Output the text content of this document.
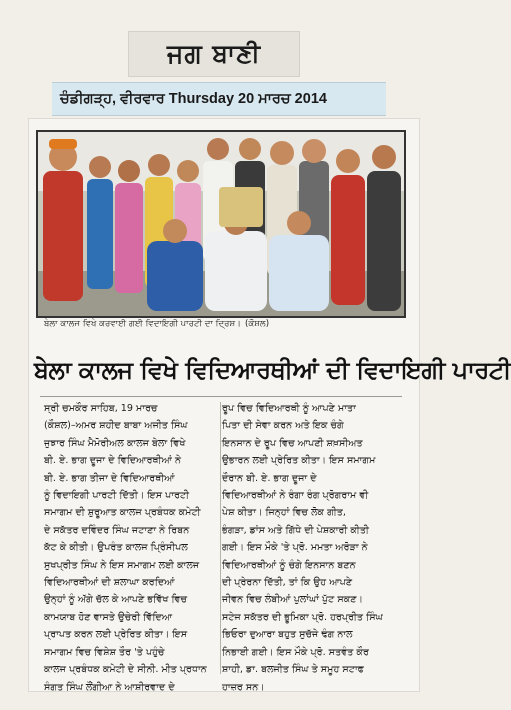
ਜਗ ਬਾਣੀ
ਚੰਡੀਗੜ੍ਹ, ਵੀਰਵਾਰ Thursday 20 ਮਾਰਚ 2014
ਬੇਲਾ ਕਾਲਜ ਵਿਖੇ ਕਰਵਾਈ ਗਈ ਵਿਦਾਇਗੀ ਪਾਰਟੀ ਦਾ ਦ੍ਰਿਸ਼। (ਕੌਸ਼ਲ)
ਬੇਲਾ ਕਾਲਜ ਵਿਖੇ ਵਿਦਿਆਰਥੀਆਂ ਦੀ ਵਿਦਾਇਗੀ ਪਾਰਟੀ
ਸ੍ਰੀ ਚਮਕੌਰ ਸਾਹਿਬ, 19 ਮਾਰਚ
(ਕੌਸ਼ਲ)–ਅਮਰ ਸ਼ਹੀਦ ਬਾਬਾ ਅਜੀਤ ਸਿੰਘ
ਜੁਝਾਰ ਸਿੰਘ ਮੈਮੋਰੀਅਲ ਕਾਲਜ ਬੇਲਾ ਵਿਖੇ
ਬੀ. ਏ. ਭਾਗ ਦੂਜਾ ਦੇ ਵਿਦਿਆਰਥੀਆਂ ਨੇ
ਬੀ. ਏ. ਭਾਗ ਤੀਜਾ ਦੇ ਵਿਦਿਆਰਥੀਆਂ
ਨੂੰ ਵਿਦਾਇਗੀ ਪਾਰਟੀ ਦਿੱਤੀ। ਇਸ ਪਾਰਟੀ
ਸਮਾਗਮ ਦੀ ਸ਼ੁਰੂਆਤ ਕਾਲਜ ਪ੍ਰਬੰਧਕ ਕਮੇਟੀ
ਦੇ ਸਕੱਤਰ ਦਵਿੰਦਰ ਸਿੰਘ ਜਟਾਣਾ ਨੇ ਰਿਬਨ
ਕੱਟ ਕੇ ਕੀਤੀ। ਉਪਰੰਤ ਕਾਲਜ ਪ੍ਰਿੰਸੀਪਲ
ਸੁਖਪ੍ਰੀਤ ਸਿੰਘ ਨੇ ਇਸ ਸਮਾਗਮ ਲਈ ਕਾਲਜ
ਵਿਦਿਆਰਥੀਆਂ ਦੀ ਸ਼ਲਾਘਾ ਕਰਦਿਆਂ
ਉਨ੍ਹਾਂ ਨੂੰ ਅੱਗੇ ਚੱਲ ਕੇ ਆਪਣੇ ਭਵਿੱਖ ਵਿਚ
ਕਾਮਯਾਬ ਹੋਣ ਵਾਸਤੇ ਉਚੇਰੀ ਵਿੱਦਿਆ
ਪ੍ਰਾਪਤ ਕਰਨ ਲਈ ਪ੍ਰੇਰਿਤ ਕੀਤਾ। ਇਸ
ਸਮਾਗਮ ਵਿਚ ਵਿਸ਼ੇਸ਼ ਤੌਰ 'ਤੇ ਪਹੁੰਚੇ
ਕਾਲਜ ਪ੍ਰਬੰਧਕ ਕਮੇਟੀ ਦੇ ਸੀਨੀ. ਮੀਤ ਪ੍ਰਧਾਨ
ਸੰਗਤ ਸਿੰਘ ਲੌਂਗੀਆ ਨੇ ਆਸ਼ੀਰਵਾਦ ਦੇ
ਰੂਪ ਵਿਚ ਵਿਦਿਆਰਥੀ ਨੂੰ ਆਪਣੇ ਮਾਤਾ
ਪਿਤਾ ਦੀ ਸੇਵਾ ਕਰਨ ਅਤੇ ਇਕ ਚੰਗੇ
ਇਨਸਾਨ ਦੇ ਰੂਪ ਵਿਚ ਆਪਣੀ ਸ਼ਖ਼ਸੀਅਤ
ਉਭਾਰਨ ਲਈ ਪ੍ਰੇਰਿਤ ਕੀਤਾ। ਇਸ ਸਮਾਗਮ
ਦੌਰਾਨ ਬੀ. ਏ. ਭਾਗ ਦੂਜਾ ਦੇ
ਵਿਦਿਆਰਥੀਆਂ ਨੇ ਰੰਗਾ ਰੰਗ ਪ੍ਰੋਗਰਾਮ ਵੀ
ਪੇਸ਼ ਕੀਤਾ। ਜਿਨ੍ਹਾਂ ਵਿਚ ਲੋਕ ਗੀਤ,
ਭੰਗੜਾ, ਡਾਂਸ ਅਤੇ ਗਿੱਧੇ ਦੀ ਪੇਸ਼ਕਾਰੀ ਕੀਤੀ
ਗਈ। ਇਸ ਮੌਕੇ 'ਤੇ ਪ੍ਰੋ. ਮਮਤਾ ਅਰੋੜਾ ਨੇ
ਵਿਦਿਆਰਥੀਆਂ ਨੂੰ ਚੰਗੇ ਇਨਸਾਨ ਬਣਨ
ਦੀ ਪ੍ਰੇਰਨਾ ਦਿੱਤੀ, ਤਾਂ ਕਿ ਉਹ ਆਪਣੇ
ਜੀਵਨ ਵਿਚ ਲੰਬੀਆਂ ਪੁਲਾਂਘਾਂ ਪੁੱਟ ਸਕਣ।
ਸਟੇਜ ਸਕੱਤਰ ਦੀ ਭੂਮਿਕਾ ਪ੍ਰੋ. ਹਰਪ੍ਰੀਤ ਸਿੰਘ
ਭਿਓਰਾ ਦੁਆਰਾ ਬਹੁਤ ਸੁਚੱਜੇ ਢੰਗ ਨਾਲ
ਨਿਭਾਈ ਗਈ। ਇਸ ਮੌਕੇ ਪ੍ਰੋ. ਸਤਵੰਤ ਕੌਰ
ਸ਼ਾਹੀ, ਡਾ. ਬਲਜੀਤ ਸਿੰਘ ਤੇ ਸਮੂਹ ਸਟਾਫ
ਹਾਜ਼ਰ ਸਨ।
